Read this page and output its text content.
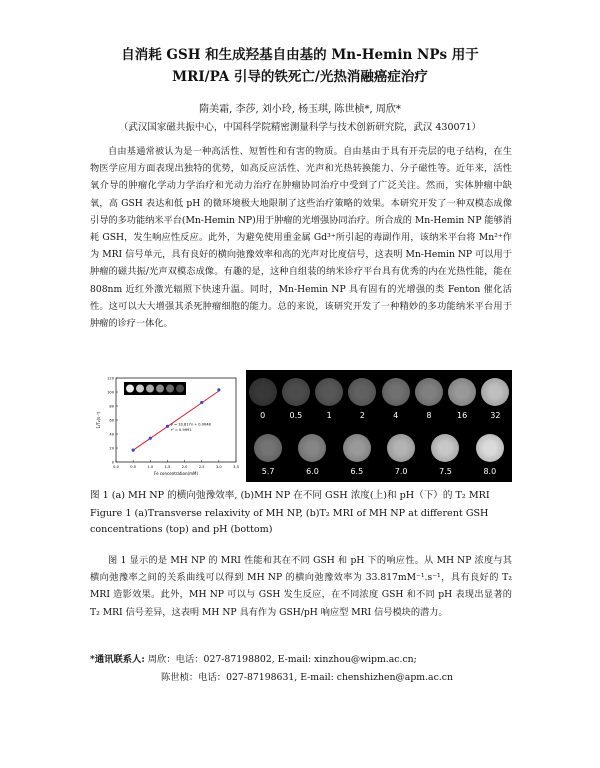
自消耗 GSH 和生成羟基自由基的 Mn-Hemin NPs 用于
MRI/PA 引导的铁死亡/光热消融癌症治疗
隋美霜, 李莎, 刘小玲, 杨玉琪, 陈世桢*, 周欣*
（武汉国家磁共振中心，中国科学院精密测量科学与技术创新研究院，武汉 430071）

自由基通常被认为是一种高活性、短暂性和有害的物质。自由基由于具有开壳层的电子结构，在生物医学应用方面表现出独特的优势，如高反应活性、光声和光热转换能力、分子磁性等。近年来，活性氧介导的肿瘤化学动力学治疗和光动力治疗在肿瘤协同治疗中受到了广泛关注。然而，实体肿瘤中缺氧，高 GSH 表达和低 pH 的微环境极大地限制了这些治疗策略的效果。本研究开发了一种双模态成像引导的多功能纳米平台(Mn-Hemin NP)用于肿瘤的光增强协同治疗。所合成的 Mn-Hemin NP 能够消耗 GSH，发生响应性反应。此外，为避免使用重金属 Gd³⁺所引起的毒副作用，该纳米平台将 Mn²⁺作为 MRI 信号单元，具有良好的横向弛豫效率和高的光声对比度信号，这表明 Mn-Hemin NP 可以用于肿瘤的磁共振/光声双模态成像。有趣的是，这种自组装的纳米诊疗平台具有优秀的内在光热性能，能在 808nm 近红外激光辐照下快速升温。同时，Mn-Hemin NP 具有固有的光增强的类 Fenton 催化活性。这可以大大增强其杀死肿瘤细胞的能力。总的来说，该研究开发了一种精妙的多功能纳米平台用于肿瘤的诊疗一体化。

0.0	0.5	1.0	1.5	2.0	2.5	3.0	3.5
0
20
40
60
80
100
120
Fe concentration(mM)
1/T₂(s⁻¹)	y = 33.817x + 0.0048
r² = 0.9991
0	0.5	1	2	4	8	16	32
5.7	6.0	6.5	7.0	7.5	8.0

图 1 (a) MH NP 的横向弛豫效率, (b)MH NP 在不同 GSH 浓度(上)和 pH（下）的 T₂ MRI

Figure 1 (a)Transverse relaxivity of MH NP, (b)T₂ MRI of MH NP at different GSH concentrations (top) and pH (bottom)

图 1 显示的是 MH NP 的 MRI 性能和其在不同 GSH 和 pH 下的响应性。从 MH NP 浓度与其横向弛豫率之间的关系曲线可以得到 MH NP 的横向弛豫效率为 33.817mM⁻¹.s⁻¹，具有良好的 T₂ MRI 造影效果。此外，MH NP 可以与 GSH 发生反应，在不同浓度 GSH 和不同 pH 表现出显著的 T₂ MRI 信号差异，这表明 MH NP 具有作为 GSH/pH 响应型 MRI 信号模块的潜力。

*通讯联系人: 周欣：电话：027-87198802, E-mail: xinzhou@wipm.ac.cn;
陈世桢：电话：027-87198631, E-mail: chenshizhen@apm.ac.cn
